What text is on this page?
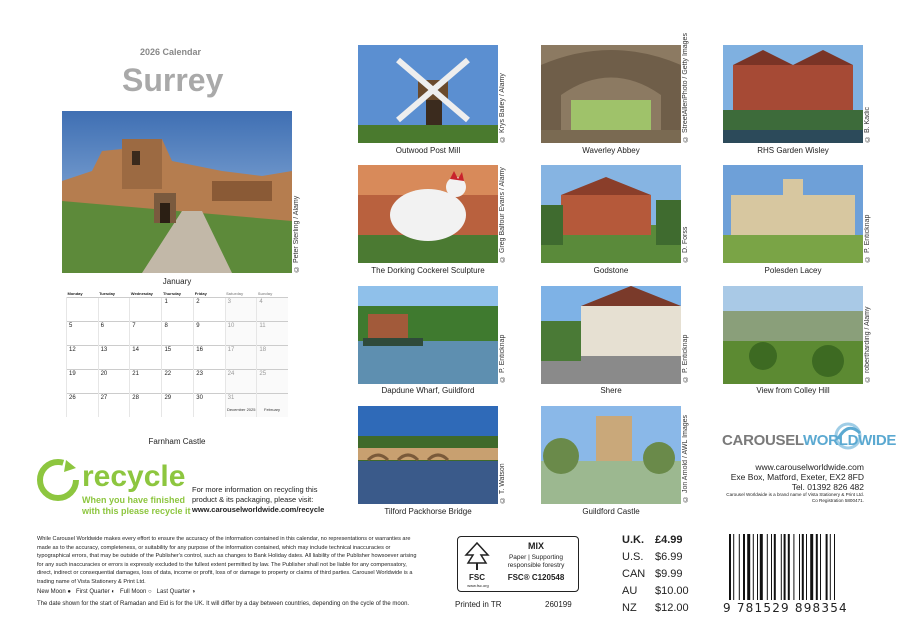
2026 Calendar
Surrey
© Peter Sterling / Alamy
January
Monday	Tuesday	Wednesday	Thursday	Friday	Saturday	Sunday
			1	2	3	4
5	6	7	8	9	10	11
12	13	14	15	16	17	18
19	20	21	22	23	24	25
26	27	28	29	30	31	
December 2025 February
Farnham Castle
© Krys Bailey / Alamy
Outwood Post Mill
© StreetAllenPhoto / Getty Images
Waverley Abbey
© B. Kadic
RHS Garden Wisley
© Greg Balfour Evans / Alamy
The Dorking Cockerel Sculpture
© D. Forss
Godstone
© P. Enticknap
Polesden Lacey
© P. Enticknap
Dapdune Wharf, Guildford
© P. Enticknap
Shere
© robertharding / Alamy
View from Colley Hill
© T. Watson
Tilford Packhorse Bridge
© Jon Arnold / AWL Images
Guildford Castle
CAROUSELWORLDWIDE
www.carouselworldwide.com
Exe Box, Matford, Exeter, EX2 8FD
Tel. 01392 826 482
Carousel Worldwide is a brand name of Vista Stationery & Print Ltd.
Co Registration 5800471.
recycle
When you have finished
with this please recycle it
For more information on recycling this
product & its packaging, please visit:
www.carouselworldwide.com/recycle
While Carousel Worldwide makes every effort to ensure the accuracy of the information contained in this calendar, no representations or warranties are made as to the accuracy, completeness, or suitability for any purpose of the information contained, which may include technical inaccuracies or typographical errors, that may be outside of the Publisher's control, such as changes to Bank Holiday dates. All liability of the Publisher howsoever arising for any such inaccuracies or errors is expressly excluded to the fullest extent permitted by law. The Publisher shall not be liable for any compensatory, direct, indirect or consequential damages, loss of data, income or profit, loss of or damage to property or claims of third parties. Carousel Worldwide is a trading name of Vista Stationery & Print Ltd.
New Moon ● First Quarter ◐ Full Moon ○ Last Quarter ◑
The date shown for the start of Ramadan and Eid is for the UK. It will differ by a day between countries, depending on the cycle of the moon.
FSC
www.fsc.org
MIX
Paper | Supporting
responsible forestry
FSC® C120548
Printed in TR	260199
U.K. £4.99
U.S. $6.99
CAN $9.99
AU $10.00
NZ $12.00	9 781529 898354
